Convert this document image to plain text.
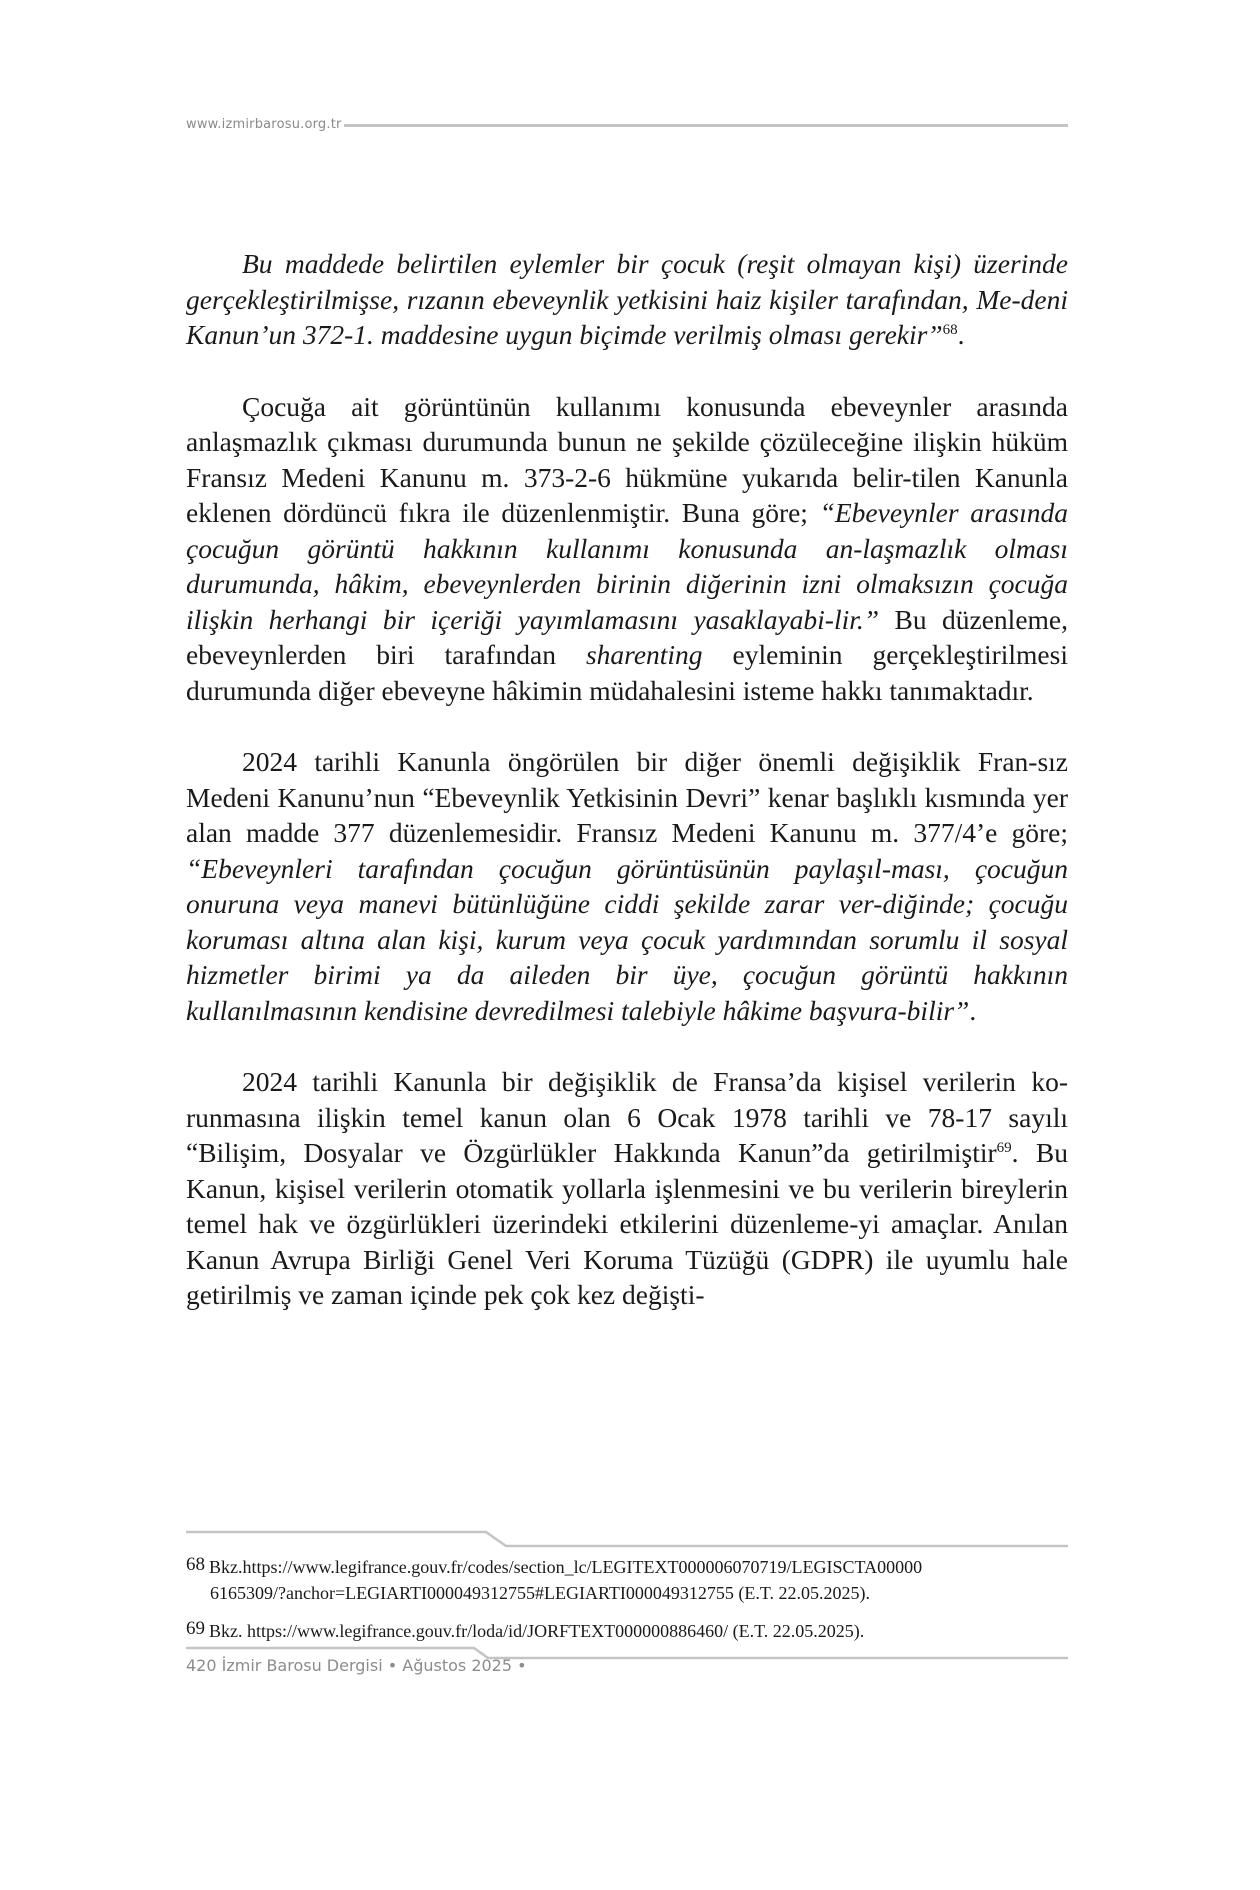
www.izmirbarosu.org.tr

Bu maddede belirtilen eylemler bir çocuk (reşit olmayan kişi) üzerinde gerçekleştirilmişse, rızanın ebeveynlik yetkisini haiz kişiler tarafından, Me-deni Kanun’un 372-1. maddesine uygun biçimde verilmiş olması gerekir”$^{68}$.

Çocuğa ait görüntünün kullanımı konusunda ebeveynler arasında anlaşmazlık çıkması durumunda bunun ne şekilde çözüleceğine ilişkin hüküm Fransız Medeni Kanunu m. 373-2-6 hükmüne yukarıda belir-tilen Kanunla eklenen dördüncü fıkra ile düzenlenmiştir. Buna göre; “Ebeveynler arasında çocuğun görüntü hakkının kullanımı konusunda an-laşmazlık olması durumunda, hâkim, ebeveynlerden birinin diğerinin izni olmaksızın çocuğa ilişkin herhangi bir içeriği yayımlamasını yasaklayabi-lir.” Bu düzenleme, ebeveynlerden biri tarafından sharenting eyleminin gerçekleştirilmesi durumunda diğer ebeveyne hâkimin müdahalesini isteme hakkı tanımaktadır.

2024 tarihli Kanunla öngörülen bir diğer önemli değişiklik Fran-sız Medeni Kanunu’nun “Ebeveynlik Yetkisinin Devri” kenar başlıklı kısmında yer alan madde 377 düzenlemesidir. Fransız Medeni Kanunu m. 377/4’e göre; “Ebeveynleri tarafından çocuğun görüntüsünün paylaşıl-ması, çocuğun onuruna veya manevi bütünlüğüne ciddi şekilde zarar ver-diğinde; çocuğu koruması altına alan kişi, kurum veya çocuk yardımından sorumlu il sosyal hizmetler birimi ya da aileden bir üye, çocuğun görüntü hakkının kullanılmasının kendisine devredilmesi talebiyle hâkime başvura-bilir”.

2024 tarihli Kanunla bir değişiklik de Fransa’da kişisel verilerin ko-runmasına ilişkin temel kanun olan 6 Ocak 1978 tarihli ve 78-17 sayılı “Bilişim, Dosyalar ve Özgürlükler Hakkında Kanun”da getirilmiştir$^{69}$. Bu Kanun, kişisel verilerin otomatik yollarla işlenmesini ve bu verilerin bireylerin temel hak ve özgürlükleri üzerindeki etkilerini düzenleme-yi amaçlar. Anılan Kanun Avrupa Birliği Genel Veri Koruma Tüzüğü (GDPR) ile uyumlu hale getirilmiş ve zaman içinde pek çok kez değişti-

68 Bkz.https://www.legifrance.gouv.fr/codes/section_lc/LEGITEXT000006070719/LEGISCTA00000
6165309/?anchor=LEGIARTI000049312755#LEGIARTI000049312755 (E.T. 22.05.2025).
69 Bkz. https://www.legifrance.gouv.fr/loda/id/JORFTEXT000000886460/ (E.T. 22.05.2025).
420 İzmir Barosu Dergisi • Ağustos 2025 •
